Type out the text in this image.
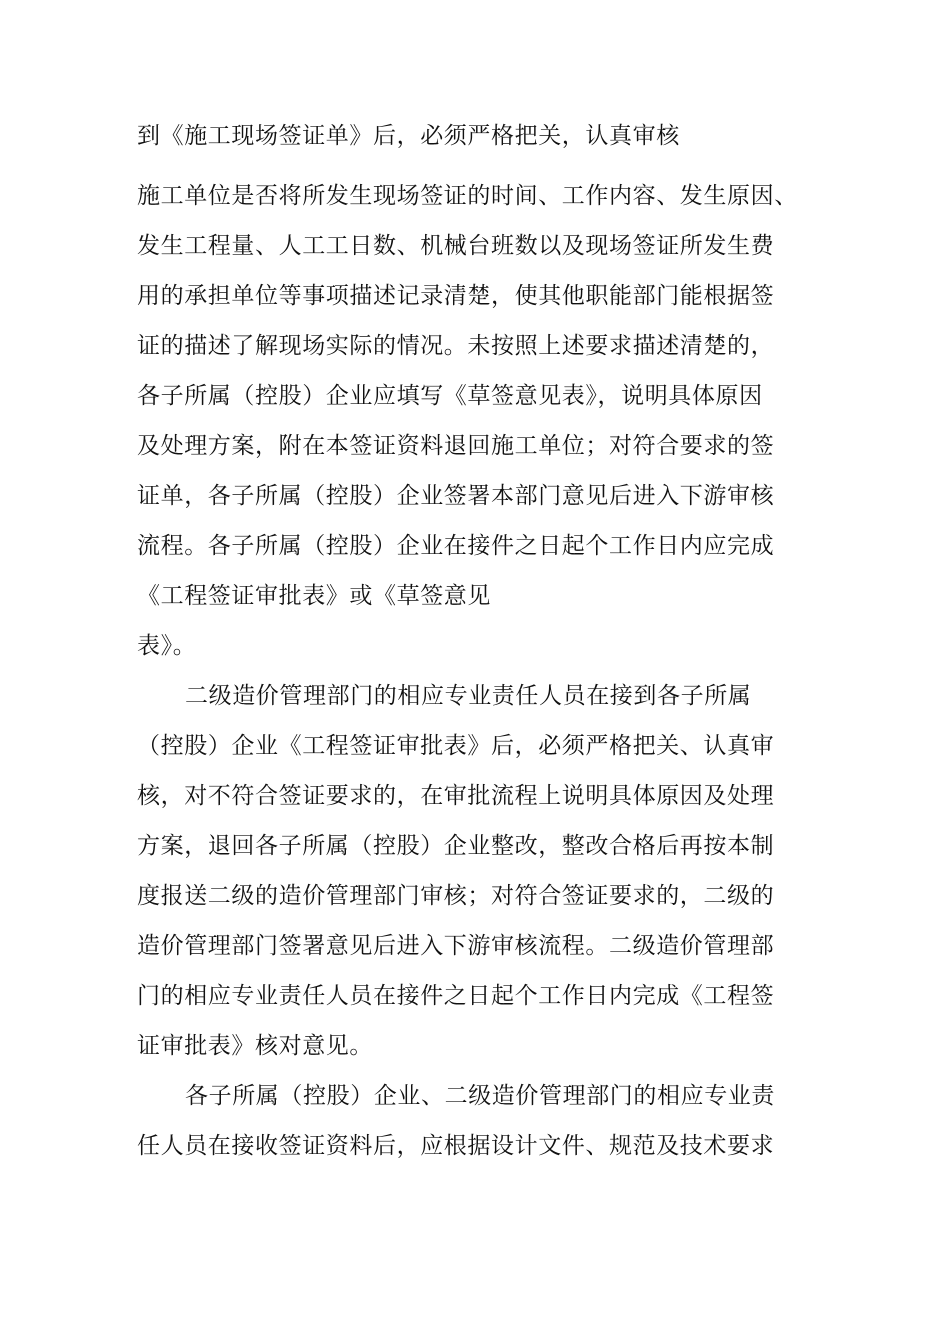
到《施工现场签证单》后，必须严格把关，认真审核
施工单位是否将所发生现场签证的时间、工作内容、发生原因、
发生工程量、人工工日数、机械台班数以及现场签证所发生费
用的承担单位等事项描述记录清楚，使其他职能部门能根据签
证的描述了解现场实际的情况。未按照上述要求描述清楚的，
各子所属（控股）企业应填写《草签意见表》，说明具体原因
及处理方案，附在本签证资料退回施工单位；对符合要求的签
证单，各子所属（控股）企业签署本部门意见后进入下游审核
流程。各子所属（控股）企业在接件之日起个工作日内应完成
《工程签证审批表》或《草签意见
表》。
二级造价管理部门的相应专业责任人员在接到各子所属
（控股）企业《工程签证审批表》后，必须严格把关、认真审
核，对不符合签证要求的，在审批流程上说明具体原因及处理
方案，退回各子所属（控股）企业整改，整改合格后再按本制
度报送二级的造价管理部门审核；对符合签证要求的，二级的
造价管理部门签署意见后进入下游审核流程。二级造价管理部
门的相应专业责任人员在接件之日起个工作日内完成《工程签
证审批表》核对意见。
各子所属（控股）企业、二级造价管理部门的相应专业责
任人员在接收签证资料后，应根据设计文件、规范及技术要求
